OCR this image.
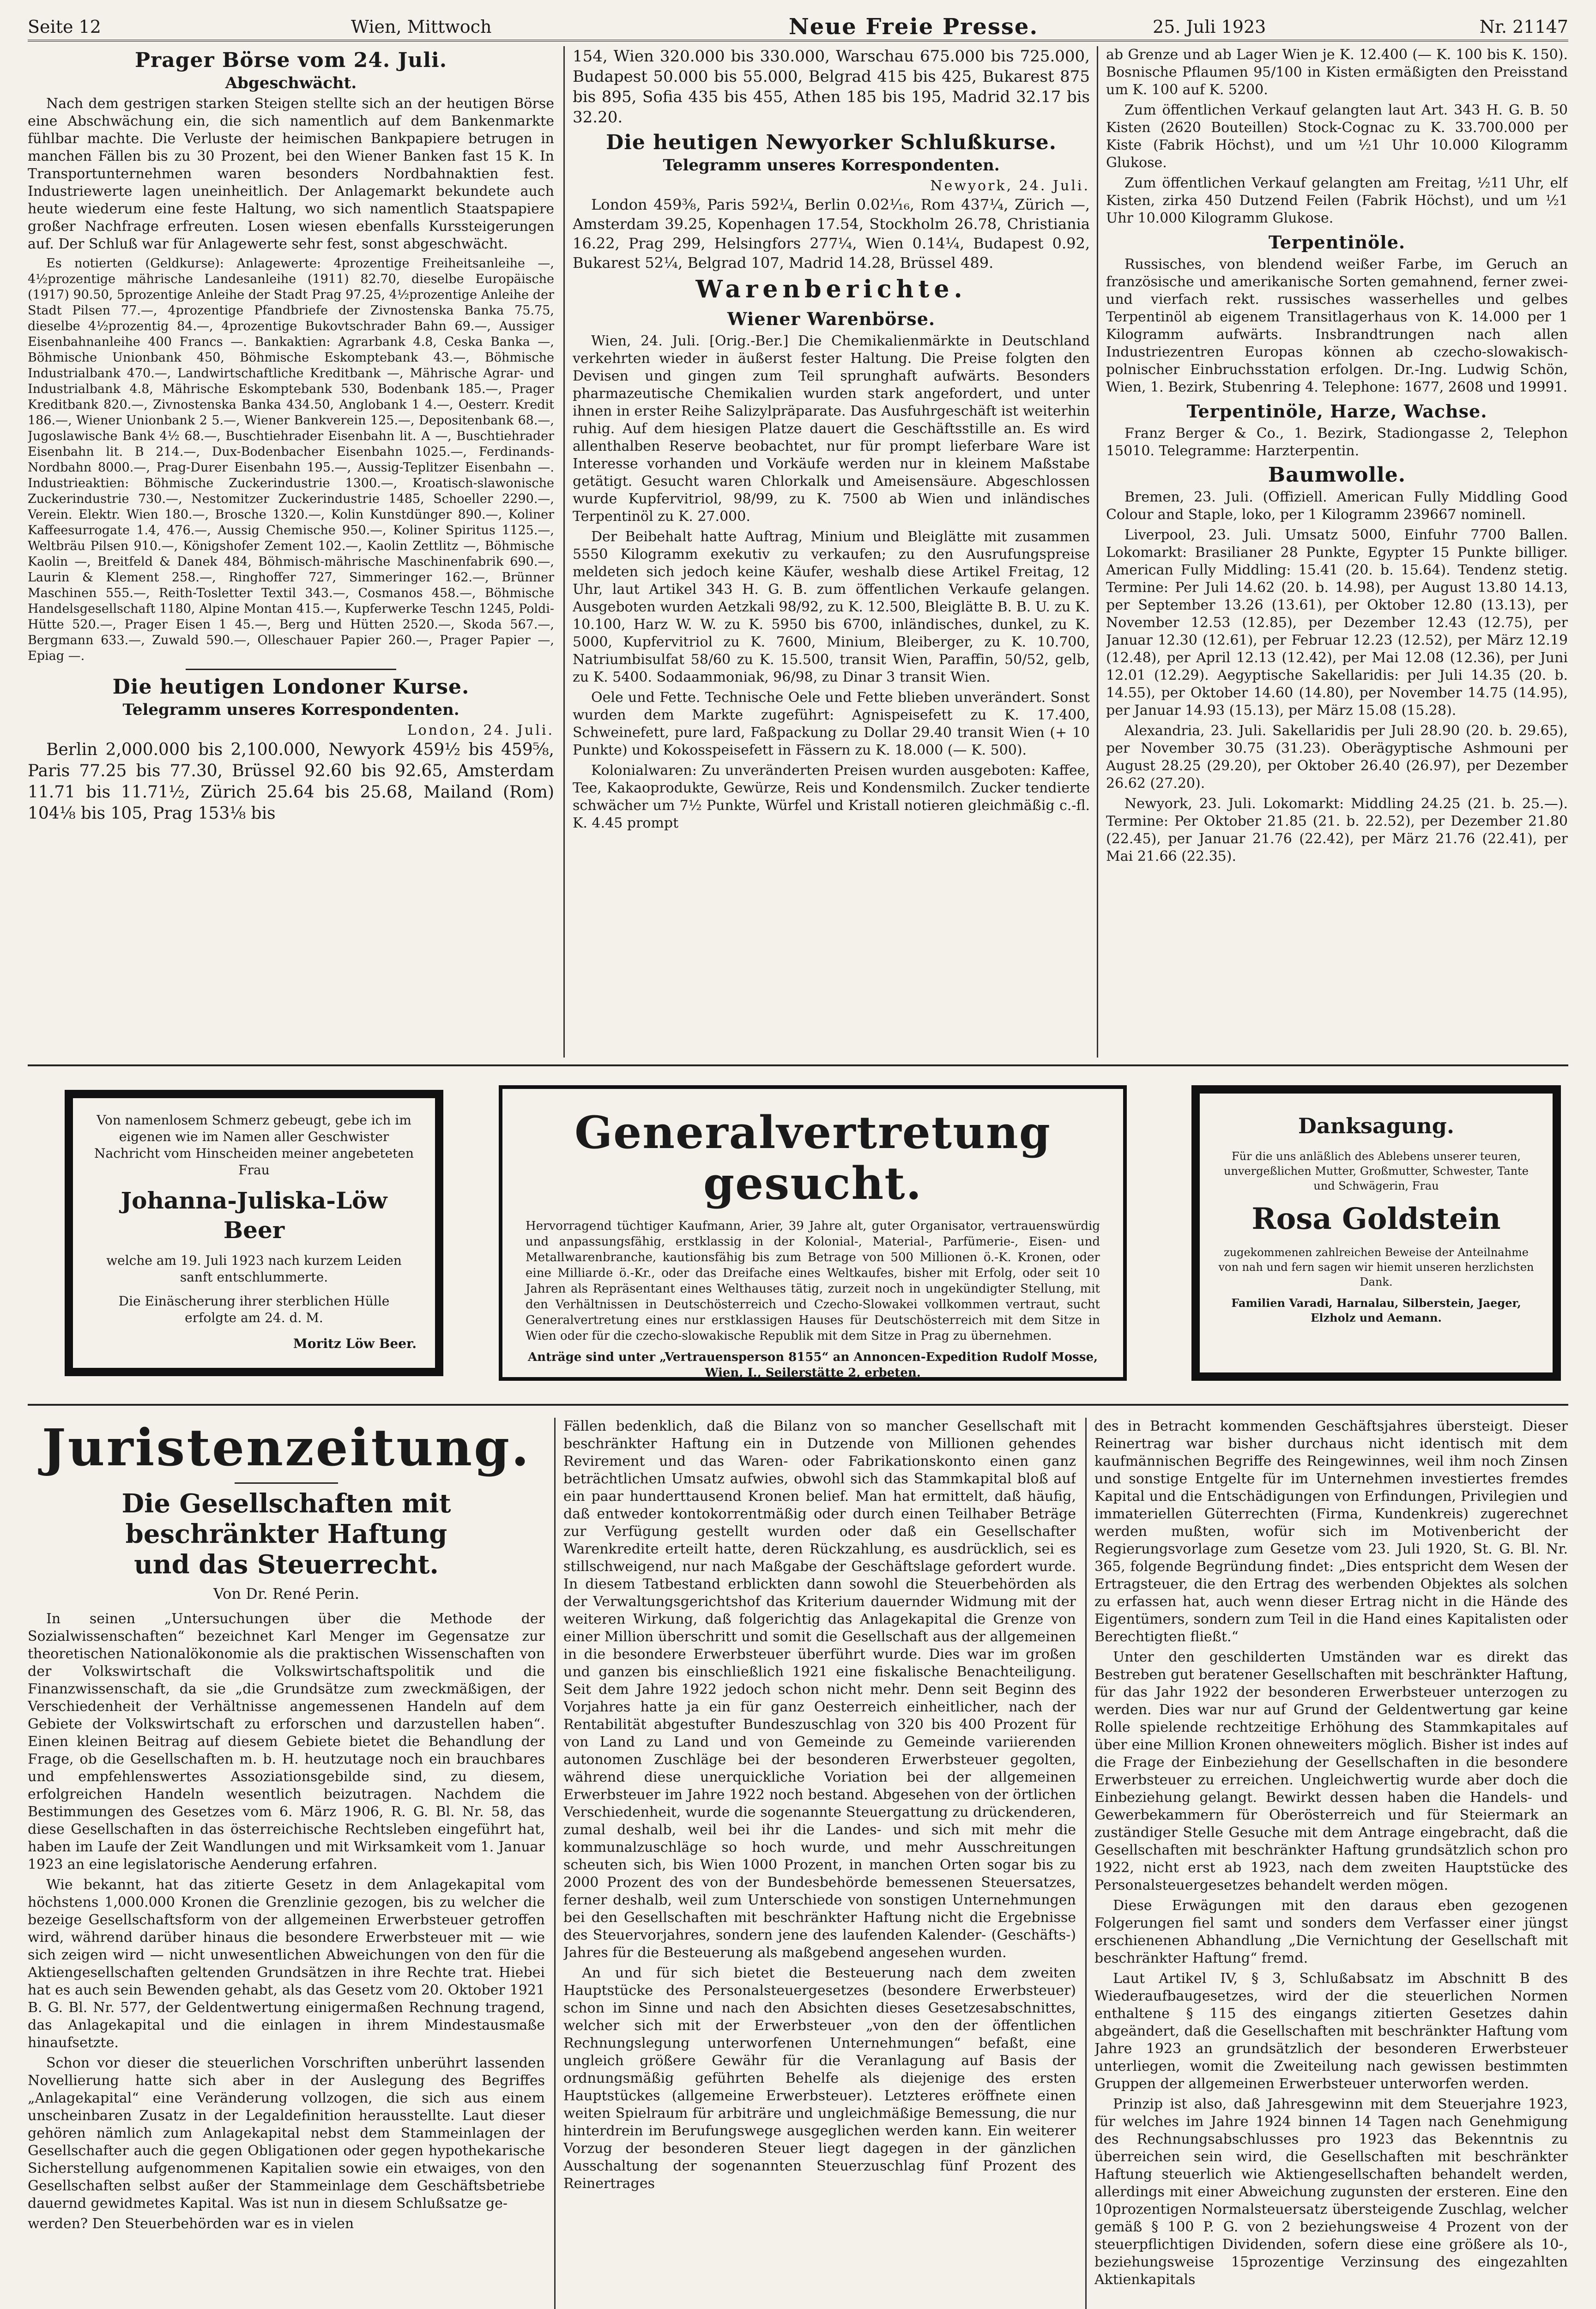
Seite 12	Wien, Mittwoch	Neue Freie Presse.	25. Juli 1923	Nr. 21147
Prager Börse vom 24. Juli.
Abgeschwächt.

Nach dem gestrigen starken Steigen stellte sich an der heutigen Börse eine Abschwächung ein, die sich namentlich auf dem Bankenmarkte fühlbar machte. Die Verluste der heimischen Bankpapiere betrugen in manchen Fällen bis zu 30 Prozent, bei den Wiener Banken fast 15 K. In Transportunternehmen waren besonders Nordbahnaktien fest. Industriewerte lagen uneinheitlich. Der Anlagemarkt bekundete auch heute wiederum eine feste Haltung, wo sich namentlich Staatspapiere großer Nachfrage erfreuten. Losen wiesen ebenfalls Kurssteigerungen auf. Der Schluß war für Anlagewerte sehr fest, sonst abgeschwächt.

Es notierten (Geldkurse): Anlagewerte: 4prozentige Freiheitsanleihe —, 4½prozentige mährische Landesanleihe (1911) 82.70, dieselbe Europäische (1917) 90.50, 5prozentige Anleihe der Stadt Prag 97.25, 4½prozentige Anleihe der Stadt Pilsen 77.—, 4prozentige Pfandbriefe der Zivnostenska Banka 75.75, dieselbe 4½prozentig 84.—, 4prozentige Bukovtschrader Bahn 69.—, Aussiger Eisenbahnanleihe 400 Francs —. Bankaktien: Agrarbank 4.8, Ceska Banka —, Böhmische Unionbank 450, Böhmische Eskomptebank 43.—, Böhmische Industrialbank 470.—, Landwirtschaftliche Kreditbank —, Mährische Agrar- und Industrialbank 4.8, Mährische Eskomptebank 530, Bodenbank 185.—, Prager Kreditbank 820.—, Zivnostenska Banka 434.50, Anglobank 1 4.—, Oesterr. Kredit 186.—, Wiener Unionbank 2 5.—, Wiener Bankverein 125.—, Depositenbank 68.—, Jugoslawische Bank 4½ 68.—, Buschtiehrader Eisenbahn lit. A —, Buschtiehrader Eisenbahn lit. B 214.—, Dux-Bodenbacher Eisenbahn 1025.—, Ferdinands-Nordbahn 8000.—, Prag-Durer Eisenbahn 195.—, Aussig-Teplitzer Eisenbahn —. Industrieaktien: Böhmische Zuckerindustrie 1300.—, Kroatisch-slawonische Zuckerindustrie 730.—, Nestomitzer Zuckerindustrie 1485, Schoeller 2290.—, Verein. Elektr. Wien 180.—, Brosche 1320.—, Kolin Kunstdünger 890.—, Koliner Kaffeesurrogate 1.4, 476.—, Aussig Chemische 950.—, Koliner Spiritus 1125.—, Weltbräu Pilsen 910.—, Königshofer Zement 102.—, Kaolin Zettlitz —, Böhmische Kaolin —, Breitfeld & Danek 484, Böhmisch-mährische Maschinenfabrik 690.—, Laurin & Klement 258.—, Ringhoffer 727, Simmeringer 162.—, Brünner Maschinen 555.—, Reith-Tosletter Textil 343.—, Cosmanos 458.—, Böhmische Handelsgesellschaft 1180, Alpine Montan 415.—, Kupferwerke Teschn 1245, Poldi-Hütte 520.—, Prager Eisen 1 45.—, Berg und Hütten 2520.—, Skoda 567.—, Bergmann 633.—, Zuwald 590.—, Olleschauer Papier 260.—, Prager Papier —, Epiag —.

Die heutigen Londoner Kurse.
Telegramm unseres Korrespondenten.
London, 24. Juli.

Berlin 2,000.000 bis 2,100.000, Newyork 459½ bis 459⅝, Paris 77.25 bis 77.30, Brüssel 92.60 bis 92.65, Amsterdam 11.71 bis 11.71½, Zürich 25.64 bis 25.68, Mailand (Rom) 104⅛ bis 105, Prag 153⅛ bis

154, Wien 320.000 bis 330.000, Warschau 675.000 bis 725.000, Budapest 50.000 bis 55.000, Belgrad 415 bis 425, Bukarest 875 bis 895, Sofia 435 bis 455, Athen 185 bis 195, Madrid 32.17 bis 32.20.

Die heutigen Newyorker Schlußkurse.
Telegramm unseres Korrespondenten.
Newyork, 24. Juli.

London 459⅜, Paris 592¼, Berlin 0.02¹⁄₁₆, Rom 437¼, Zürich —, Amsterdam 39.25, Kopenhagen 17.54, Stockholm 26.78, Christiania 16.22, Prag 299, Helsingfors 277¼, Wien 0.14¼, Budapest 0.92, Bukarest 52¼, Belgrad 107, Madrid 14.28, Brüssel 489.

Warenberichte.
Wiener Warenbörse.

Wien, 24. Juli. [Orig.-Ber.] Die Chemikalienmärkte in Deutschland verkehrten wieder in äußerst fester Haltung. Die Preise folgten den Devisen und gingen zum Teil sprunghaft aufwärts. Besonders pharmazeutische Chemikalien wurden stark angefordert, und unter ihnen in erster Reihe Salizylpräparate. Das Ausfuhrgeschäft ist weiterhin ruhig. Auf dem hiesigen Platze dauert die Geschäftsstille an. Es wird allenthalben Reserve beobachtet, nur für prompt lieferbare Ware ist Interesse vorhanden und Vorkäufe werden nur in kleinem Maßstabe getätigt. Gesucht waren Chlorkalk und Ameisensäure. Abgeschlossen wurde Kupfervitriol, 98/99, zu K. 7500 ab Wien und inländisches Terpentinöl zu K. 27.000.

Der Beibehalt hatte Auftrag, Minium und Bleiglätte mit zusammen 5550 Kilogramm exekutiv zu verkaufen; zu den Ausrufungspreise meldeten sich jedoch keine Käufer, weshalb diese Artikel Freitag, 12 Uhr, laut Artikel 343 H. G. B. zum öffentlichen Verkaufe gelangen. Ausgeboten wurden Aetzkali 98/92, zu K. 12.500, Bleiglätte B. B. U. zu K. 10.100, Harz W. W. zu K. 5950 bis 6700, inländisches, dunkel, zu K. 5000, Kupfervitriol zu K. 7600, Minium, Bleiberger, zu K. 10.700, Natriumbisulfat 58/60 zu K. 15.500, transit Wien, Paraffin, 50/52, gelb, zu K. 5400. Sodaammoniak, 96/98, zu Dinar 3 transit Wien.

Oele und Fette. Technische Oele und Fette blieben unverändert. Sonst wurden dem Markte zugeführt: Agnispeisefett zu K. 17.400, Schweinefett, pure lard, Faßpackung zu Dollar 29.40 transit Wien (+ 10 Punkte) und Kokosspeisefett in Fässern zu K. 18.000 (— K. 500).

Kolonialwaren: Zu unveränderten Preisen wurden ausgeboten: Kaffee, Tee, Kakaoprodukte, Gewürze, Reis und Kondensmilch. Zucker tendierte schwächer um 7½ Punkte, Würfel und Kristall notieren gleichmäßig c.-fl. K. 4.45 prompt

ab Grenze und ab Lager Wien je K. 12.400 (— K. 100 bis K. 150). Bosnische Pflaumen 95/100 in Kisten ermäßigten den Preisstand um K. 100 auf K. 5200.

Zum öffentlichen Verkauf gelangten laut Art. 343 H. G. B. 50 Kisten (2620 Bouteillen) Stock-Cognac zu K. 33.700.000 per Kiste (Fabrik Höchst), und um ½1 Uhr 10.000 Kilogramm Glukose.

Zum öffentlichen Verkauf gelangten am Freitag, ½11 Uhr, elf Kisten, zirka 450 Dutzend Feilen (Fabrik Höchst), und um ½1 Uhr 10.000 Kilogramm Glukose.

Terpentinöle.

Russisches, von blendend weißer Farbe, im Geruch an französische und amerikanische Sorten gemahnend, ferner zwei- und vierfach rekt. russisches wasserhelles und gelbes Terpentinöl ab eigenem Transitlagerhaus von K. 14.000 per 1 Kilogramm aufwärts. Insbrandtrungen nach allen Industriezentren Europas können ab czecho-slowakisch-polnischer Einbruchsstation erfolgen. Dr.-Ing. Ludwig Schön, Wien, 1. Bezirk, Stubenring 4. Telephone: 1677, 2608 und 19991.

Terpentinöle, Harze, Wachse.

Franz Berger & Co., 1. Bezirk, Stadiongasse 2, Telephon 15010. Telegramme: Harzterpentin.

Baumwolle.

Bremen, 23. Juli. (Offiziell. American Fully Middling Good Colour and Staple, loko, per 1 Kilogramm 239667 nominell.

Liverpool, 23. Juli. Umsatz 5000, Einfuhr 7700 Ballen. Lokomarkt: Brasilianer 28 Punkte, Egypter 15 Punkte billiger. American Fully Middling: 15.41 (20. b. 15.64). Tendenz stetig. Termine: Per Juli 14.62 (20. b. 14.98), per August 13.80 14.13, per September 13.26 (13.61), per Oktober 12.80 (13.13), per November 12.53 (12.85), per Dezember 12.43 (12.75), per Januar 12.30 (12.61), per Februar 12.23 (12.52), per März 12.19 (12.48), per April 12.13 (12.42), per Mai 12.08 (12.36), per Juni 12.01 (12.29). Aegyptische Sakellaridis: per Juli 14.35 (20. b. 14.55), per Oktober 14.60 (14.80), per November 14.75 (14.95), per Januar 14.93 (15.13), per März 15.08 (15.28).

Alexandria, 23. Juli. Sakellaridis per Juli 28.90 (20. b. 29.65), per November 30.75 (31.23). Oberägyptische Ashmouni per August 28.25 (29.20), per Oktober 26.40 (26.97), per Dezember 26.62 (27.20).

Newyork, 23. Juli. Lokomarkt: Middling 24.25 (21. b. 25.—). Termine: Per Oktober 21.85 (21. b. 22.52), per Dezember 21.80 (22.45), per Januar 21.76 (22.42), per März 21.76 (22.41), per Mai 21.66 (22.35).

Von namenlosem Schmerz gebeugt, gebe ich im eigenen wie im Namen aller Geschwister Nachricht vom Hinscheiden meiner angebeteten Frau
Johanna-Juliska-Löw Beer
welche am 19. Juli 1923 nach kurzem Leiden sanft entschlummerte.
Die Einäscherung ihrer sterblichen Hülle erfolgte am 24. d. M.
Moritz Löw Beer.
Generalvertretung gesucht.
Hervorragend tüchtiger Kaufmann, Arier, 39 Jahre alt, guter Organisator, vertrauenswürdig und anpassungsfähig, erstklassig in der Kolonial-, Material-, Parfümerie-, Eisen- und Metallwarenbranche, kautionsfähig bis zum Betrage von 500 Millionen ö.-K. Kronen, oder eine Milliarde ö.-Kr., oder das Dreifache eines Weltkaufes, bisher mit Erfolg, oder seit 10 Jahren als Repräsentant eines Welthauses tätig, zurzeit noch in ungekündigter Stellung, mit den Verhältnissen in Deutschösterreich und Czecho-Slowakei vollkommen vertraut, sucht Generalvertretung eines nur erstklassigen Hauses für Deutschösterreich mit dem Sitze in Wien oder für die czecho-slowakische Republik mit dem Sitze in Prag zu übernehmen.
Anträge sind unter „Vertrauensperson 8155“ an Annoncen-Expedition Rudolf Mosse, Wien, I., Seilerstätte 2, erbeten.
Danksagung.
Für die uns anläßlich des Ablebens unserer teuren, unvergeßlichen Mutter, Großmutter, Schwester, Tante und Schwägerin, Frau
Rosa Goldstein
zugekommenen zahlreichen Beweise der Anteilnahme von nah und fern sagen wir hiemit unseren herzlichsten Dank.
Familien Varadi, Harnalau, Silberstein, Jaeger, Elzholz und Aemann.
Juristenzeitung.
Die Gesellschaften mit beschränkter Haftung
und das Steuerrecht.
Von Dr. René Perin.

In seinen „Untersuchungen über die Methode der Sozialwissenschaften“ bezeichnet Karl Menger im Gegensatze zur theoretischen Nationalökonomie als die praktischen Wissenschaften von der Volkswirtschaft die Volkswirtschaftspolitik und die Finanzwissenschaft, da sie „die Grundsätze zum zweckmäßigen, der Verschiedenheit der Verhältnisse angemessenen Handeln auf dem Gebiete der Volkswirtschaft zu erforschen und darzustellen haben“. Einen kleinen Beitrag auf diesem Gebiete bietet die Behandlung der Frage, ob die Gesellschaften m. b. H. heutzutage noch ein brauchbares und empfehlenswertes Assoziationsgebilde sind, zu diesem, erfolgreichen Handeln wesentlich beizutragen. Nachdem die Bestimmungen des Gesetzes vom 6. März 1906, R. G. Bl. Nr. 58, das diese Gesellschaften in das österreichische Rechtsleben eingeführt hat, haben im Laufe der Zeit Wandlungen und mit Wirksamkeit vom 1. Januar 1923 an eine legislatorische Aenderung erfahren.

Wie bekannt, hat das zitierte Gesetz in dem Anlagekapital vom höchstens 1,000.000 Kronen die Grenzlinie gezogen, bis zu welcher die bezeige Gesellschaftsform von der allgemeinen Erwerbsteuer getroffen wird, während darüber hinaus die besondere Erwerbsteuer mit — wie sich zeigen wird — nicht unwesentlichen Abweichungen von den für die Aktiengesellschaften geltenden Grundsätzen in ihre Rechte trat. Hiebei hat es auch sein Bewenden gehabt, als das Gesetz vom 20. Oktober 1921 B. G. Bl. Nr. 577, der Geldentwertung einigermaßen Rechnung tragend, das Anlagekapital und die einlagen in ihrem Mindestausmaße hinaufsetzte.

Schon vor dieser die steuerlichen Vorschriften unberührt lassenden Novellierung hatte sich aber in der Auslegung des Begriffes „Anlagekapital“ eine Veränderung vollzogen, die sich aus einem unscheinbaren Zusatz in der Legaldefinition herausstellte. Laut dieser gehören nämlich zum Anlagekapital nebst dem Stammeinlagen der Gesellschafter auch die gegen Obligationen oder gegen hypothekarische Sicherstellung aufgenommenen Kapitalien sowie ein etwaiges, von den Gesellschaften selbst außer der Stammeinlage dem Geschäftsbetriebe dauernd gewidmetes Kapital. Was ist nun in diesem Schlußsatze ge-

werden? Den Steuerbehörden war es in vielen

Fällen bedenklich, daß die Bilanz von so mancher Gesellschaft mit beschränkter Haftung ein in Dutzende von Millionen gehendes Revirement und das Waren- oder Fabrikationskonto einen ganz beträchtlichen Umsatz aufwies, obwohl sich das Stammkapital bloß auf ein paar hunderttausend Kronen belief. Man hat ermittelt, daß häufig, daß entweder kontokorrentmäßig oder durch einen Teilhaber Beträge zur Verfügung gestellt wurden oder daß ein Gesellschafter Warenkredite erteilt hatte, deren Rückzahlung, es ausdrücklich, sei es stillschweigend, nur nach Maßgabe der Geschäftslage gefordert wurde. In diesem Tatbestand erblickten dann sowohl die Steuerbehörden als der Verwaltungsgerichtshof das Kriterium dauernder Widmung mit der weiteren Wirkung, daß folgerichtig das Anlagekapital die Grenze von einer Million überschritt und somit die Gesellschaft aus der allgemeinen in die besondere Erwerbsteuer überführt wurde. Dies war im großen und ganzen bis einschließlich 1921 eine fiskalische Benachteiligung. Seit dem Jahre 1922 jedoch schon nicht mehr. Denn seit Beginn des Vorjahres hatte ja ein für ganz Oesterreich einheitlicher, nach der Rentabilität abgestufter Bundeszuschlag von 320 bis 400 Prozent für von Land zu Land und von Gemeinde zu Gemeinde variierenden autonomen Zuschläge bei der besonderen Erwerbsteuer gegolten, während diese unerquickliche Voriation bei der allgemeinen Erwerbsteuer im Jahre 1922 noch bestand. Abgesehen von der örtlichen Verschiedenheit, wurde die sogenannte Steuergattung zu drückenderen, zumal deshalb, weil bei ihr die Landes- und sich mit mehr die kommunalzuschläge so hoch wurde, und mehr Ausschreitungen scheuten sich, bis Wien 1000 Prozent, in manchen Orten sogar bis zu 2000 Prozent des von der Bundesbehörde bemessenen Steuersatzes, ferner deshalb, weil zum Unterschiede von sonstigen Unternehmungen bei den Gesellschaften mit beschränkter Haftung nicht die Ergebnisse des Steuervorjahres, sondern jene des laufenden Kalender- (Geschäfts-) Jahres für die Besteuerung als maßgebend angesehen wurden.

An und für sich bietet die Besteuerung nach dem zweiten Hauptstücke des Personalsteuergesetzes (besondere Erwerbsteuer) schon im Sinne und nach den Absichten dieses Gesetzesabschnittes, welcher sich mit der Erwerbsteuer „von den der öffentlichen Rechnungslegung unterworfenen Unternehmungen“ befaßt, eine ungleich größere Gewähr für die Veranlagung auf Basis der ordnungsmäßig geführten Behelfe als diejenige des ersten Hauptstückes (allgemeine Erwerbsteuer). Letzteres eröffnete einen weiten Spielraum für arbiträre und ungleichmäßige Bemessung, die nur hinterdrein im Berufungswege ausgeglichen werden kann. Ein weiterer Vorzug der besonderen Steuer liegt dagegen in der gänzlichen Ausschaltung der sogenannten Steuerzuschlag fünf Prozent des Reinertrages

des in Betracht kommenden Geschäftsjahres übersteigt. Dieser Reinertrag war bisher durchaus nicht identisch mit dem kaufmännischen Begriffe des Reingewinnes, weil ihm noch Zinsen und sonstige Entgelte für im Unternehmen investiertes fremdes Kapital und die Entschädigungen von Erfindungen, Privilegien und immateriellen Güterrechten (Firma, Kundenkreis) zugerechnet werden mußten, wofür sich im Motivenbericht der Regierungsvorlage zum Gesetze vom 23. Juli 1920, St. G. Bl. Nr. 365, folgende Begründung findet: „Dies entspricht dem Wesen der Ertragsteuer, die den Ertrag des werbenden Objektes als solchen zu erfassen hat, auch wenn dieser Ertrag nicht in die Hände des Eigentümers, sondern zum Teil in die Hand eines Kapitalisten oder Berechtigten fließt.“

Unter den geschilderten Umständen war es direkt das Bestreben gut beratener Gesellschaften mit beschränkter Haftung, für das Jahr 1922 der besonderen Erwerbsteuer unterzogen zu werden. Dies war nur auf Grund der Geldentwertung gar keine Rolle spielende rechtzeitige Erhöhung des Stammkapitales auf über eine Million Kronen ohneweiters möglich. Bisher ist indes auf die Frage der Einbeziehung der Gesellschaften in die besondere Erwerbsteuer zu erreichen. Ungleichwertig wurde aber doch die Einbeziehung gelangt. Bewirkt dessen haben die Handels- und Gewerbekammern für Oberösterreich und für Steiermark an zuständiger Stelle Gesuche mit dem Antrage eingebracht, daß die Gesellschaften mit beschränkter Haftung grundsätzlich schon pro 1922, nicht erst ab 1923, nach dem zweiten Hauptstücke des Personalsteuergesetzes behandelt werden mögen.

Diese Erwägungen mit den daraus eben gezogenen Folgerungen fiel samt und sonders dem Verfasser einer jüngst erschienenen Abhandlung „Die Vernichtung der Gesellschaft mit beschränkter Haftung“ fremd.

Laut Artikel IV, § 3, Schlußabsatz im Abschnitt B des Wiederaufbaugesetzes, wird der die steuerlichen Normen enthaltene § 115 des eingangs zitierten Gesetzes dahin abgeändert, daß die Gesellschaften mit beschränkter Haftung vom Jahre 1923 an grundsätzlich der besonderen Erwerbsteuer unterliegen, womit die Zweiteilung nach gewissen bestimmten Gruppen der allgemeinen Erwerbsteuer unterworfen werden.

Prinzip ist also, daß Jahresgewinn mit dem Steuerjahre 1923, für welches im Jahre 1924 binnen 14 Tagen nach Genehmigung des Rechnungsabschlusses pro 1923 das Bekenntnis zu überreichen sein wird, die Gesellschaften mit beschränkter Haftung steuerlich wie Aktiengesellschaften behandelt werden, allerdings mit einer Abweichung zugunsten der ersteren. Eine den 10prozentigen Normalsteuersatz übersteigende Zuschlag, welcher gemäß § 100 P. G. von 2 beziehungsweise 4 Prozent von der steuerpflichtigen Dividenden, sofern diese eine größere als 10-, beziehungsweise 15prozentige Verzinsung des eingezahlten Aktienkapitals
